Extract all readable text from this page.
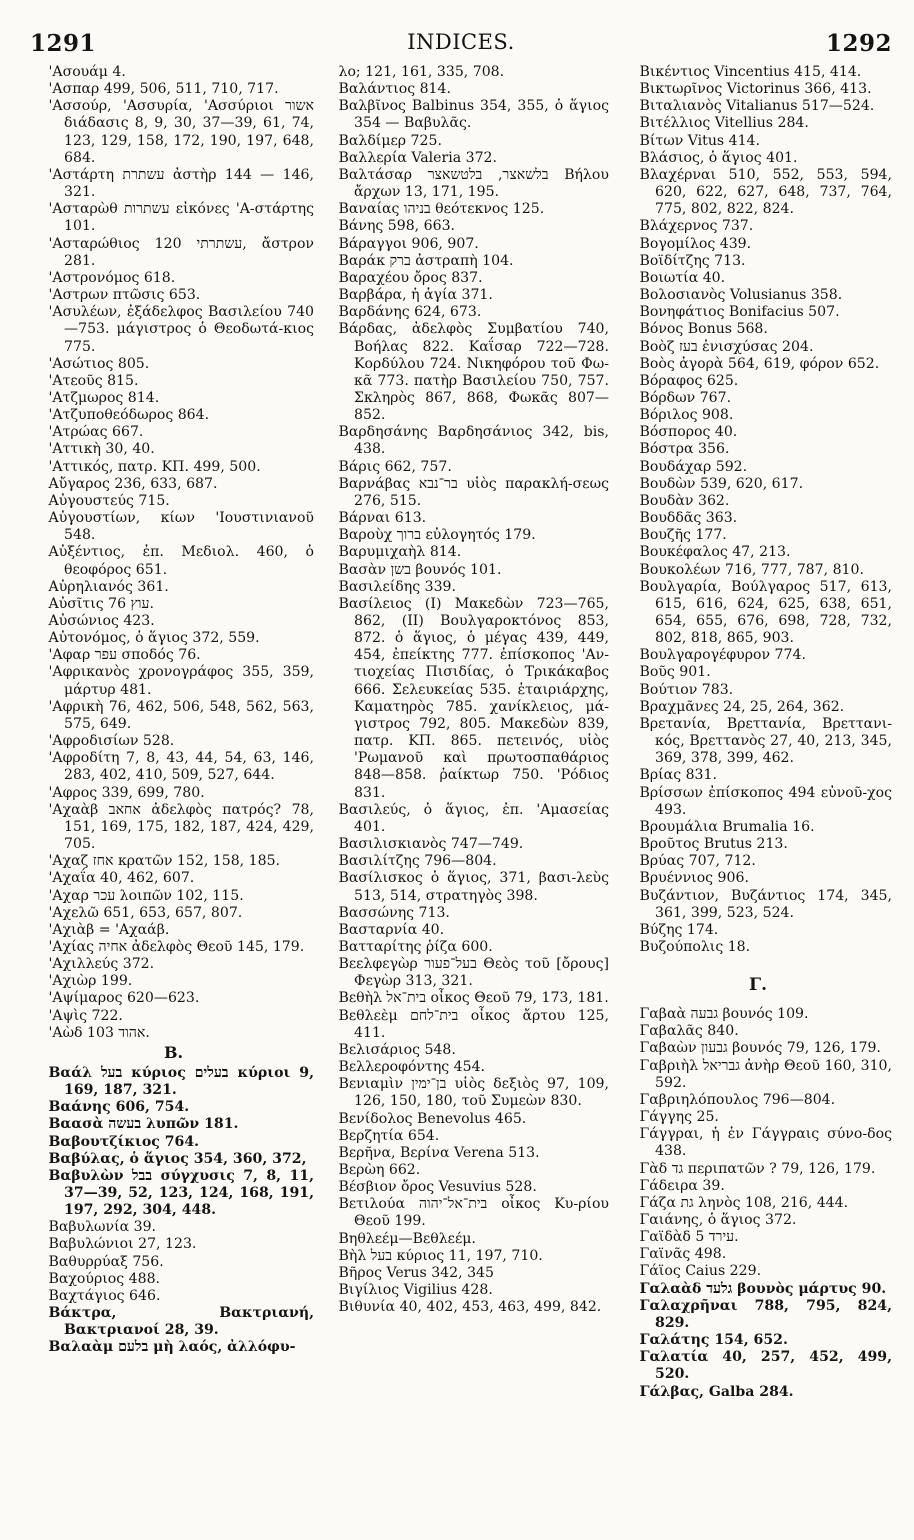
1291	INDICES.	1292

'Ασουάμ 4.

'Ασπαρ 499, 506, 511, 710, 717.

'Ασσούρ, 'Ασσυρία, 'Ασσύριοι אשור διάδασις 8, 9, 30, 37—39, 61, 74, 123, 129, 158, 172, 190, 197, 648, 684.

'Αστάρτη עשתרת ἀστὴρ 144 — 146, 321.

'Ασταρὼθ עשתרות εἰκόνες 'Α-στάρτης 101.

'Ασταρώθιος עשתרתי 120, ἄστρον 281.

'Αστρονόμος 618.

'Αστρων πτῶσις 653.

'Ασυλέων, ἐξάδελφος Βασιλείου 740—753. μάγιστρος ὁ Θεοδωτά-κιος 775.

'Ασώτιος 805.

'Ατεοῦς 815.

'Ατζμωρος 814.

'Ατζυποθεόδωρος 864.

'Ατρώας 667.

'Αττικὴ 30, 40.

'Αττικός, πατρ. ΚΠ. 499, 500.

Αὔγαρος 236, 633, 687.

Αὐγουστεύς 715.

Αὐγουστίων, κίων 'Ιουστινιανοῦ 548.

Αὐξέντιος, ἐπ. Μεδιολ. 460, ὁ θεοφόρος 651.

Αὐρηλιανός 361.

Αὐσῖτις עוץ 76.

Αὐσώνιος 423.

Αὐτονόμος, ὁ ἅγιος 372, 559.

'Αφαρ עפר σποδός 76.

'Αφρικανὸς χρονογράφος 355, 359, μάρτυρ 481.

'Αφρικὴ 76, 462, 506, 548, 562, 563, 575, 649.

'Αφροδισίων 528.

'Αφροδίτη 7, 8, 43, 44, 54, 63, 146, 283, 402, 410, 509, 527, 644.

'Αφρος 339, 699, 780.

'Αχαὰβ אחאב ἀδελφὸς πατρός? 78, 151, 169, 175, 182, 187, 424, 429, 705.

'Αχαζ אחז κρατῶν 152, 158, 185.

'Αχαΐα 40, 462, 607.

'Αχαρ עכר λοιπῶν 102, 115.

'Αχελῶ 651, 653, 657, 807.

'Αχιὰβ = 'Αχαάβ.

'Αχίας אחיה ἀδελφὸς Θεοῦ 145, 179.

'Αχιλλεύς 372.

'Αχιὼρ 199.

'Αψίμαρος 620—623.

'Αψὶς 722.

'Αὼδ אהוד 103.

B.

Βαάλ בעל κύριος בעלים κύριοι 9, 169, 187, 321.

Βαάνης 606, 754.

Βαασὰ בעשה λυπῶν 181.

Βαβουτζίκιος 764.

Βαβύλας, ὁ ἅγιος 354, 360, 372,

Βαβυλὼν בבל σύγχυσις 7, 8, 11, 37—39, 52, 123, 124, 168, 191, 197, 292, 304, 448.

Βαβυλωνία 39.

Βαβυλώνιοι 27, 123.

Βαθυρρύαξ 756.

Βαχούριος 488.

Βαχτάγιος 646.

Βάκτρα, Βακτριανή, Βακτριανοί 28, 39.

Βαλαὰμ בלעם μὴ λαός, ἀλλόφυ-

λο; 121, 161, 335, 708.

Βαλάντιος 814.

Βαλβῖνος Balbinus 354, 355, ὁ ἅγιος 354 — Βαβυλᾶς.

Βαλδίμερ 725.

Βαλλερία Valeria 372.

Βαλτάσαρ בלשאצר, בלטשאצר Βήλου ἄρχων 13, 171, 195.

Βαναίας בניהו θεότεκνος 125.

Βάνης 598, 663.

Βάραγγοι 906, 907.

Βαράκ ברק ἀστραπὴ 104.

Βαραχέου ὄρος 837.

Βαρβάρα, ἡ ἁγία 371.

Βαρδάνης 624, 673.

Βάρδας, ἀδελφὸς Συμβατίου 740, Βοήλας 822. Καΐσαρ 722—728. Κορδύλου 724. Νικηφόρου τοῦ Φω-κᾶ 773. πατὴρ Βασιλείου 750, 757. Σκληρὸς 867, 868, Φωκᾶς 807—852.

Βαρδησάνης Βαρδησάνιος 342, bis, 438.

Βάρις 662, 757.

Βαρνάβας בר־נבא υἱὸς παρακλή-σεως 276, 515.

Βάρναι 613.

Βαροὺχ ברוך εὐλογητός 179.

Βαρυμιχαὴλ 814.

Βασὰν בשן βουνός 101.

Βασιλείδης 339.

Βασίλειος (I) Μακεδὼν 723—765, 862, (II) Βουλγαροκτόνος 853, 872. ὁ ἅγιος, ὁ μέγας 439, 449, 454, ἐπείκτης 777. ἐπίσκοπος 'Αν-τιοχείας Πισιδίας, ὁ Τρικάκαβος 666. Σελευκείας 535. ἑταιριάρχης, Καματηρὸς 785. χανίκλειος, μά-γιστρος 792, 805. Μακεδὼν 839, πατρ. ΚΠ. 865. πετεινός, υἱὸς 'Ρωμανοῦ καὶ πρωτοσπαθάριος 848—858. ῥαίκτωρ 750. 'Ρόδιος 831.

Βασιλεύς, ὁ ἅγιος, ἐπ. 'Αμασείας 401.

Βασιλισκιανὸς 747—749.

Βασιλίτζης 796—804.

Βασίλισκος ὁ ἅγιος, 371, βασι-λεὺς 513, 514, στρατηγὸς 398.

Βασσώνης 713.

Βασταρνία 40.

Βατταρίτης ῥίζα 600.

Βεελφεγὼρ בעל־פעור Θεὸς τοῦ [ὄρους] Φεγὼρ 313, 321.

Βεθὴλ בית־אל οἶκος Θεοῦ 79, 173, 181.

Βεθλεὲμ בית־לחם οἶκος ἄρτου 125, 411.

Βελισάριος 548.

Βελλεροφόντης 454.

Βενιαμὶν בן־ימין υἱὸς δεξιὸς 97, 109, 126, 150, 180, τοῦ Συμεὼν 830.

Βενίδολος Benevolus 465.

Βερζητία 654.

Βερῆνα, Βερίνα Verena 513.

Βερὼη 662.

Βέσβιον ὄρος Vesuvius 528.

Βετιλούα בית־אל־יהוה οἶκος Κυ-ρίου Θεοῦ 199.

Βηθλεέμ—Βεθλεέμ.

Βὴλ בעל κύριος 11, 197, 710.

Βῆρος Verus 342, 345

Βιγίλιος Vigilius 428.

Βιθυνία 40, 402, 453, 463, 499, 842.

Βικέντιος Vincentius 415, 414.

Βικτωρῖνος Victorinus 366, 413.

Βιταλιανὸς Vitalianus 517—524.

Βιτέλλιος Vitellius 284.

Βίτων Vitus 414.

Βλάσιος, ὁ ἅγιος 401.

Βλαχέρναι 510, 552, 553, 594, 620, 622, 627, 648, 737, 764, 775, 802, 822, 824.

Βλάχερνος 737.

Βογομίλος 439.

Βοϊδίτζης 713.

Βοιωτία 40.

Βολοσιανὸς Volusianus 358.

Βονηφάτιος Bonifacius 507.

Βόνος Bonus 568.

Βοὸζ בעז ἐνισχύσας 204.

Βοὸς ἀγορὰ 564, 619, φόρον 652.

Βόραφος 625.

Βόρδων 767.

Βόριλος 908.

Βόσπορος 40.

Βόστρα 356.

Βουδάχαρ 592.

Βουδὼν 539, 620, 617.

Βουδὰν 362.

Βουδδᾶς 363.

Βουζῆς 177.

Βουκέφαλος 47, 213.

Βουκολέων 716, 777, 787, 810.

Βουλγαρία, Βούλγαρος 517, 613, 615, 616, 624, 625, 638, 651, 654, 655, 676, 698, 728, 732, 802, 818, 865, 903.

Βουλγαρογέφυρον 774.

Βοῦς 901.

Βούτιον 783.

Βραχμᾶνες 24, 25, 264, 362.

Βρετανία, Βρεττανία, Βρεττανι-κός, Βρεττανὸς 27, 40, 213, 345, 369, 378, 399, 462.

Βρίας 831.

Βρίσσων ἐπίσκοπος 494 εὐνοῦ-χος 493.

Βρουμάλια Brumalia 16.

Βροῦτος Brutus 213.

Βρύας 707, 712.

Βρυέννιος 906.

Βυζάντιον, Βυζάντιος 174, 345, 361, 399, 523, 524.

Βύζης 174.

Βυζούπολις 18.

Γ.

Γαβαὰ גבעה βουνός 109.

Γαβαλᾶς 840.

Γαβαὼν גבעון βουνός 79, 126, 179.

Γαβριὴλ גבריאל ἀνὴρ Θεοῦ 160, 310, 592.

Γαβριηλόπουλος 796—804.

Γάγγης 25.

Γάγγραι, ἡ ἐν Γάγγραις σύνο-δος 438.

Γὰδ גד περιπατῶν ? 79, 126, 179.

Γάδειρα 39.

Γάζα גת ληνὸς 108, 216, 444.

Γαιάνης, ὁ ἅγιος 372.

Γαϊδὰδ עירד 5.

Γαϊνᾶς 498.

Γάϊος Caius 229.

Γαλαὰδ גלעד βουνὸς μάρτυς 90.

Γαλαχρῆναι 788, 795, 824, 829.

Γαλάτης 154, 652.

Γαλατία 40, 257, 452, 499, 520.

Γάλβας, Galba 284.
